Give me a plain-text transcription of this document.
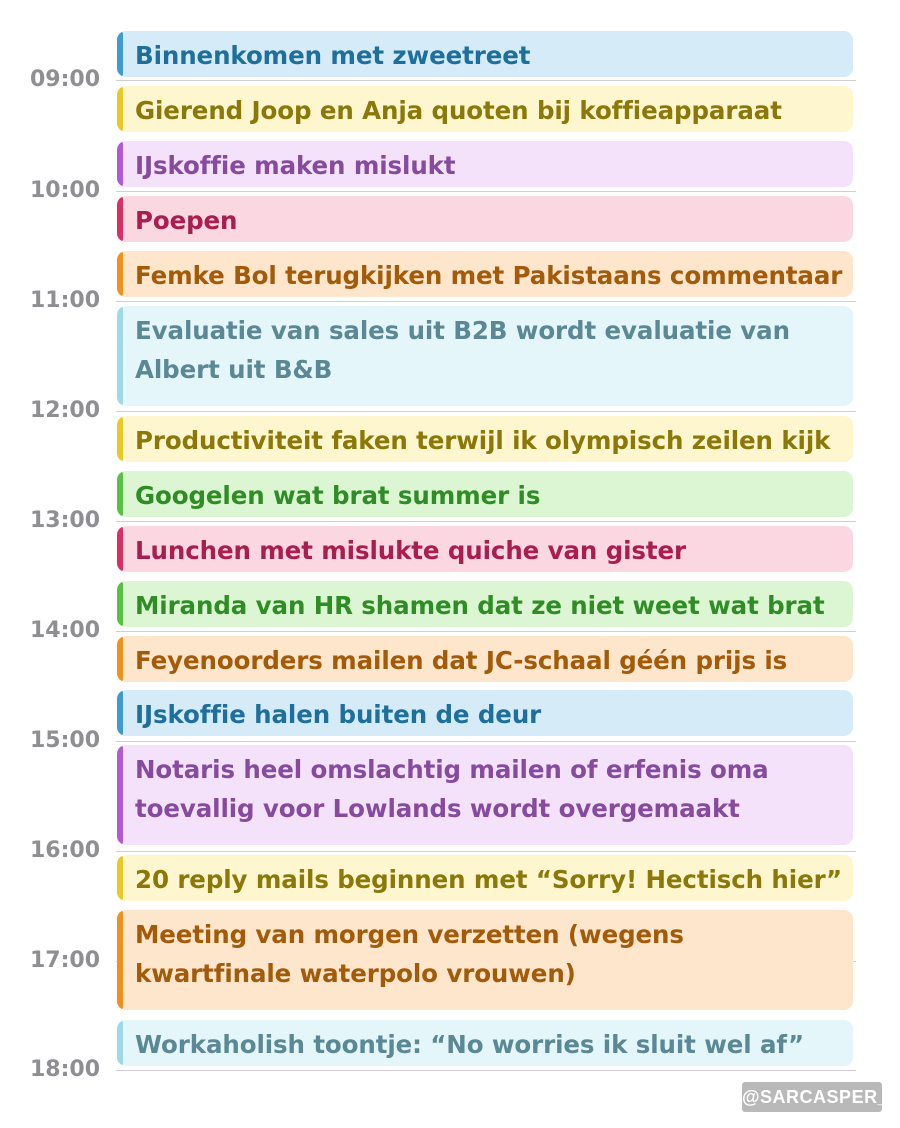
09:00
10:00
11:00
12:00
13:00
14:00
15:00
16:00
17:00
18:00
Binnenkomen met zweetreet
Gierend Joop en Anja quoten bij koffieapparaat
IJskoffie maken mislukt
Poepen
Femke Bol terugkijken met Pakistaans commentaar
Evaluatie van sales uit B2B wordt evaluatie van Albert uit B&B
Productiviteit faken terwijl ik olympisch zeilen kijk
Googelen wat brat summer is
Lunchen met mislukte quiche van gister
Miranda van HR shamen dat ze niet weet wat brat
Feyenoorders mailen dat JC-schaal géén prijs is
IJskoffie halen buiten de deur
Notaris heel omslachtig mailen of erfenis oma toevallig voor Lowlands wordt overgemaakt
20 reply mails beginnen met “Sorry! Hectisch hier”
Meeting van morgen verzetten (wegens kwartfinale waterpolo vrouwen)
Workaholish toontje: “No worries ik sluit wel af”
@SARCASPER_
